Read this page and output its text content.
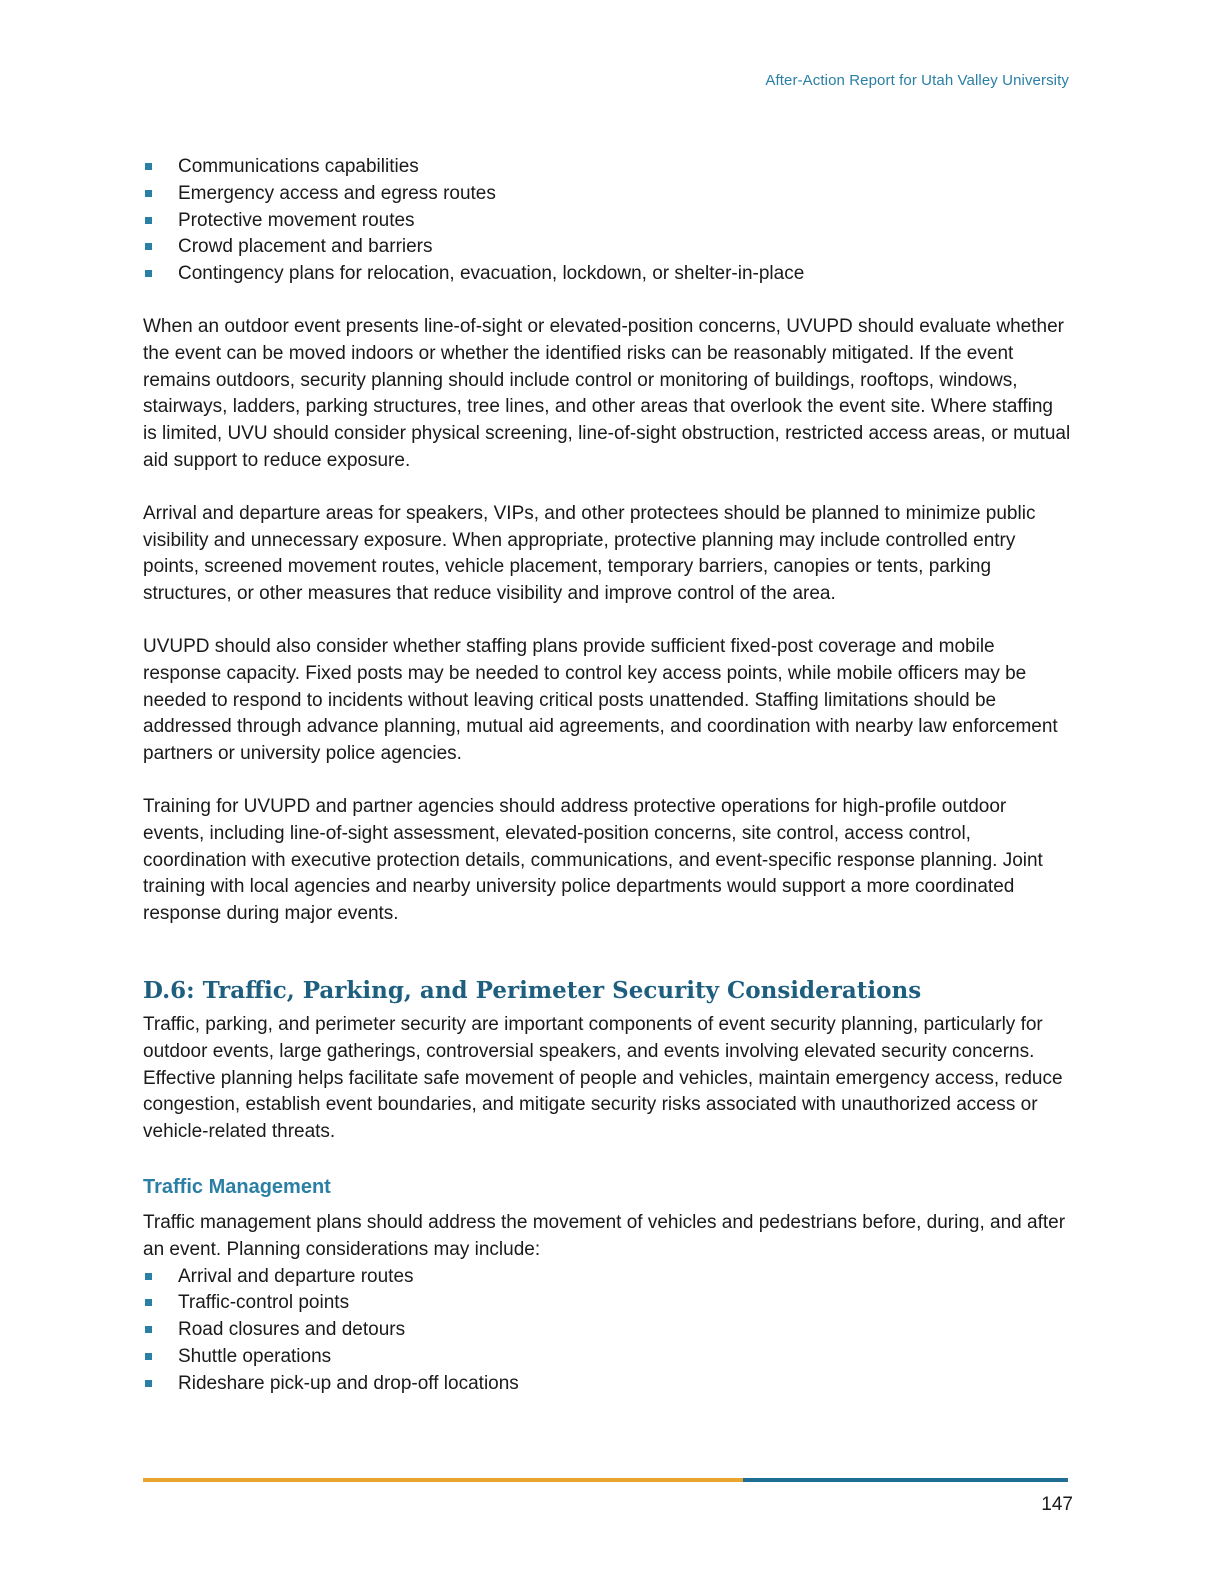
After-Action Report for Utah Valley University
Communications capabilities
Emergency access and egress routes
Protective movement routes
Crowd placement and barriers
Contingency plans for relocation, evacuation, lockdown, or shelter-in-place

When an outdoor event presents line-of-sight or elevated-position concerns, UVUPD should evaluate whether the event can be moved indoors or whether the identified risks can be reasonably mitigated. If the event remains outdoors, security planning should include control or monitoring of buildings, rooftops, windows, stairways, ladders, parking structures, tree lines, and other areas that overlook the event site. Where staffing is limited, UVU should consider physical screening, line-of-sight obstruction, restricted access areas, or mutual aid support to reduce exposure.

Arrival and departure areas for speakers, VIPs, and other protectees should be planned to minimize public visibility and unnecessary exposure. When appropriate, protective planning may include controlled entry points, screened movement routes, vehicle placement, temporary barriers, canopies or tents, parking structures, or other measures that reduce visibility and improve control of the area.

UVUPD should also consider whether staffing plans provide sufficient fixed-post coverage and mobile response capacity. Fixed posts may be needed to control key access points, while mobile officers may be needed to respond to incidents without leaving critical posts unattended. Staffing limitations should be addressed through advance planning, mutual aid agreements, and coordination with nearby law enforcement partners or university police agencies.

Training for UVUPD and partner agencies should address protective operations for high-profile outdoor events, including line-of-sight assessment, elevated-position concerns, site control, access control, coordination with executive protection details, communications, and event-specific response planning. Joint training with local agencies and nearby university police departments would support a more coordinated response during major events.

D.6: Traffic, Parking, and Perimeter Security Considerations

Traffic, parking, and perimeter security are important components of event security planning, particularly for outdoor events, large gatherings, controversial speakers, and events involving elevated security concerns. Effective planning helps facilitate safe movement of people and vehicles, maintain emergency access, reduce congestion, establish event boundaries, and mitigate security risks associated with unauthorized access or vehicle-related threats.

Traffic Management

Traffic management plans should address the movement of vehicles and pedestrians before, during, and after an event. Planning considerations may include:

Arrival and departure routes
Traffic-control points
Road closures and detours
Shuttle operations
Rideshare pick-up and drop-off locations
147
